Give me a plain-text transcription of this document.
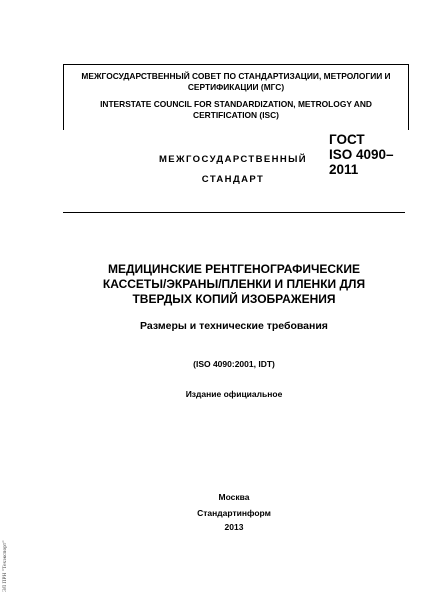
МЕЖГОСУДАРСТВЕННЫЙ СОВЕТ ПО СТАНДАРТИЗАЦИИ, МЕТРОЛОГИИ И
СЕРТИФИКАЦИИ (МГС)
INTERSTATE COUNCIL FOR STANDARDIZATION, METROLOGY AND
CERTIFICATION (ISC)
МЕЖГОСУДАРСТВЕННЫЙ
СТАНДАРТ
ГОСТ
ISO 4090–
2011
МЕДИЦИНСКИЕ РЕНТГЕНОГРАФИЧЕСКИЕ
КАССЕТЫ/ЭКРАНЫ/ПЛЕНКИ И ПЛЕНКИ ДЛЯ
ТВЕРДЫХ КОПИЙ ИЗОБРАЖЕНИЯ
Размеры и технические требования
(ISO 4090:2001, IDT)
Издание официальное
Москва
Стандартинформ
2013
ЭЛ ПРН "Техэкспорт"
